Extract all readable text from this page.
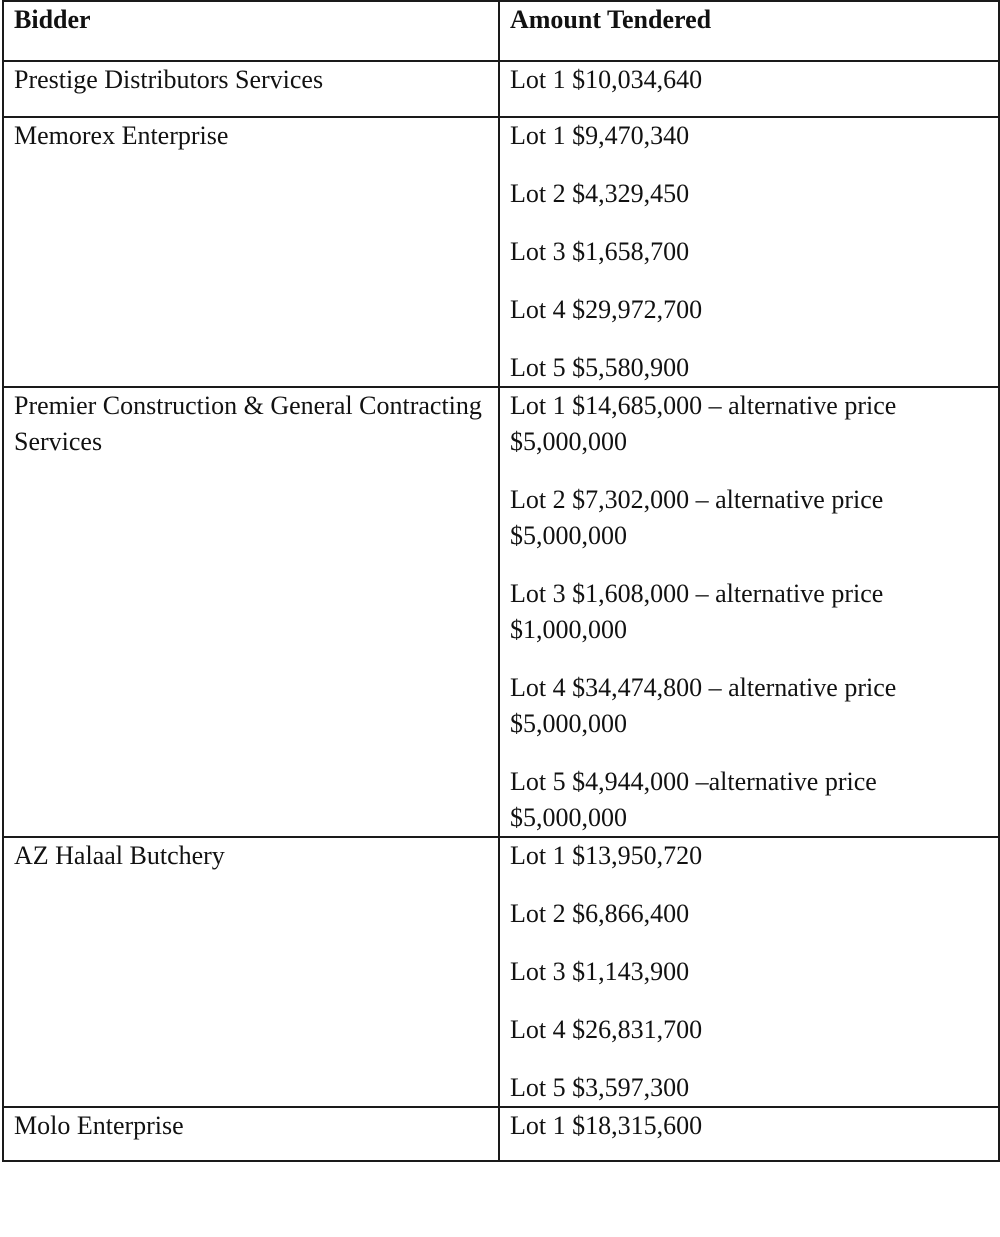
Bidder	Amount Tendered
Prestige Distributors Services	Lot 1 $10,034,640

Memorex Enterprise	Lot 1 $9,470,340
Lot 2 $4,329,450
Lot 3 $1,658,700
Lot 4 $29,972,700
Lot 5 $5,580,900

Premier Construction & General Contracting Services	Lot 1 $14,685,000 – alternative price $5,000,000
Lot 2 $7,302,000 – alternative price $5,000,000
Lot 3 $1,608,000 – alternative price $1,000,000
Lot 4 $34,474,800 – alternative price $5,000,000
Lot 5 $4,944,000 –alternative price $5,000,000

AZ Halaal Butchery	Lot 1 $13,950,720
Lot 2 $6,866,400
Lot 3 $1,143,900
Lot 4 $26,831,700
Lot 5 $3,597,300

Molo Enterprise	Lot 1 $18,315,600
